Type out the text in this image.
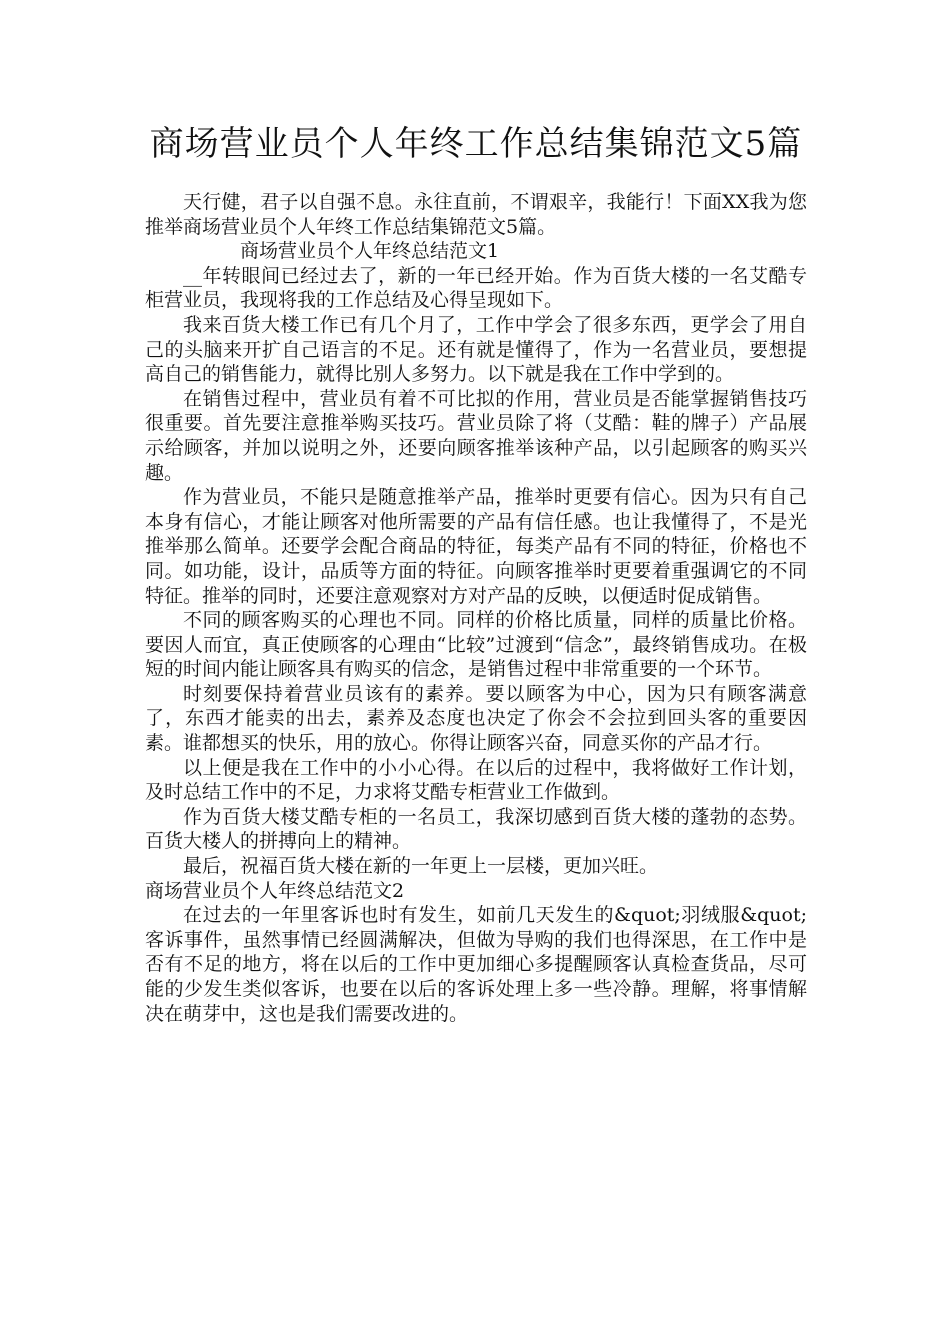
商场营业员个人年终工作总结集锦范文5篇

天行健，君子以自强不息。永往直前，不谓艰辛，我能行！下面XX我为您推举商场营业员个人年终工作总结集锦范文5篇。

商场营业员个人年终总结范文1

__年转眼间已经过去了，新的一年已经开始。作为百货大楼的一名艾酷专柜营业员，我现将我的工作总结及心得呈现如下。

我来百货大楼工作已有几个月了，工作中学会了很多东西，更学会了用自己的头脑来开扩自己语言的不足。还有就是懂得了，作为一名营业员，要想提高自己的销售能力，就得比别人多努力。以下就是我在工作中学到的。

在销售过程中，营业员有着不可比拟的作用，营业员是否能掌握销售技巧很重要。首先要注意推举购买技巧。营业员除了将（艾酷：鞋的牌子）产品展示给顾客，并加以说明之外，还要向顾客推举该种产品，以引起顾客的购买兴趣。

作为营业员，不能只是随意推举产品，推举时更要有信心。因为只有自己本身有信心，才能让顾客对他所需要的产品有信任感。也让我懂得了，不是光推举那么简单。还要学会配合商品的特征，每类产品有不同的特征，价格也不同。如功能，设计，品质等方面的特征。向顾客推举时更要着重强调它的不同特征。推举的同时，还要注意观察对方对产品的反映，以便适时促成销售。

不同的顾客购买的心理也不同。同样的价格比质量，同样的质量比价格。要因人而宜，真正使顾客的心理由“比较”过渡到“信念”，最终销售成功。在极短的时间内能让顾客具有购买的信念，是销售过程中非常重要的一个环节。

时刻要保持着营业员该有的素养。要以顾客为中心，因为只有顾客满意了，东西才能卖的出去，素养及态度也决定了你会不会拉到回头客的重要因素。谁都想买的快乐，用的放心。你得让顾客兴奋，同意买你的产品才行。

以上便是我在工作中的小小心得。在以后的过程中，我将做好工作计划，及时总结工作中的不足，力求将艾酷专柜营业工作做到。

作为百货大楼艾酷专柜的一名员工，我深切感到百货大楼的蓬勃的态势。百货大楼人的拼搏向上的精神。

最后，祝福百货大楼在新的一年更上一层楼，更加兴旺。

商场营业员个人年终总结范文2

在过去的一年里客诉也时有发生，如前几天发生的&quot;羽绒服&quot;客诉事件，虽然事情已经圆满解决，但做为导购的我们也得深思，在工作中是否有不足的地方，将在以后的工作中更加细心多提醒顾客认真检查货品，尽可能的少发生类似客诉，也要在以后的客诉处理上多一些冷静。理解，将事情解决在萌芽中，这也是我们需要改进的。
